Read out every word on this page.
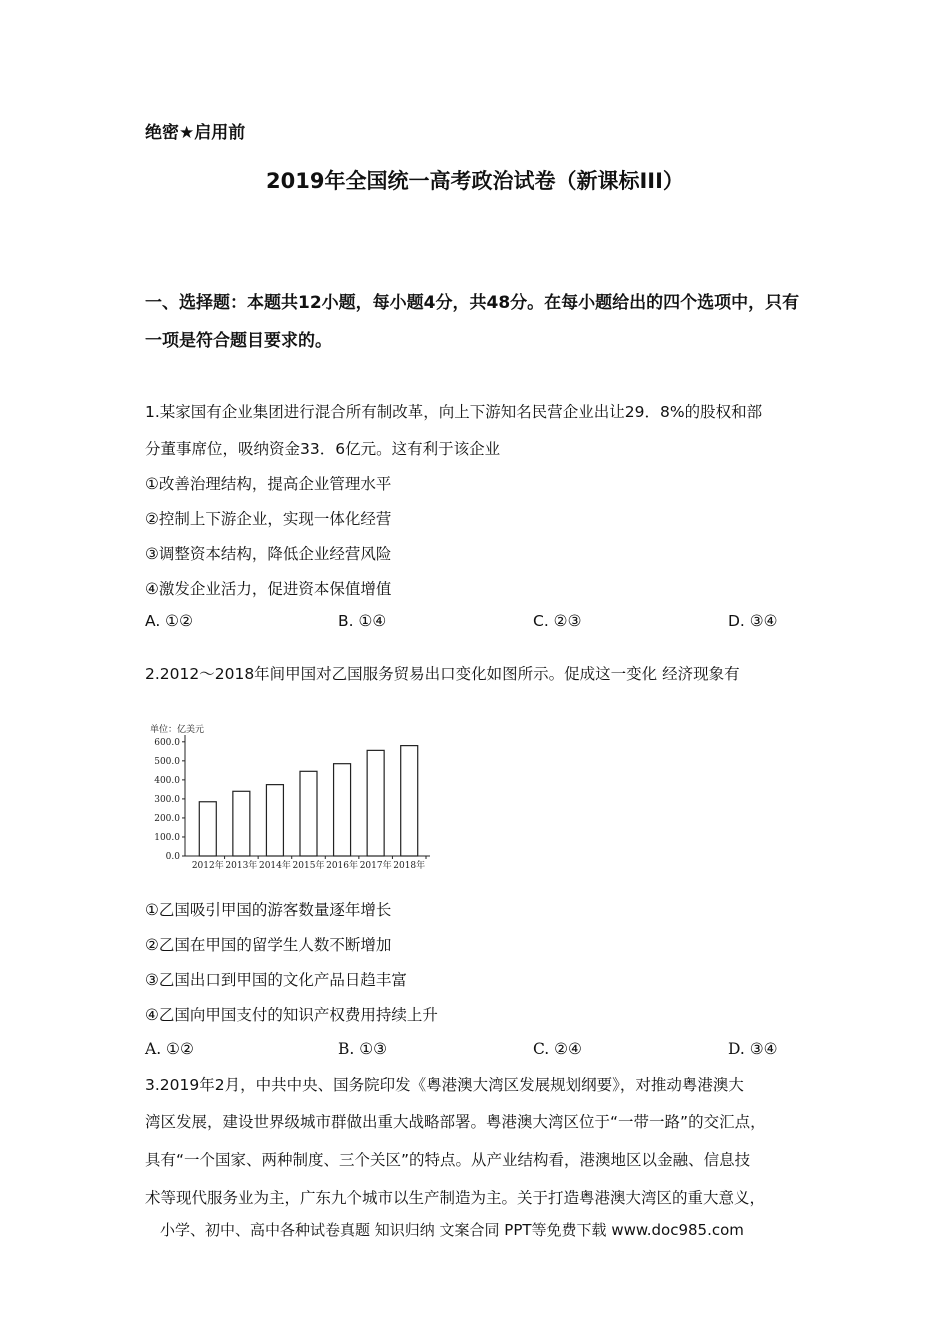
绝密★启用前
2019年全国统一高考政治试卷（新课标III）
一、选择题：本题共12小题，每小题4分，共48分。在每小题给出的四个选项中，只有一项是符合题目要求的。
1.某家国有企业集团进行混合所有制改革，向上下游知名民营企业出让29．8%的股权和部
分董事席位，吸纳资金33．6亿元。这有利于该企业
①改善治理结构，提高企业管理水平
②控制上下游企业，实现一体化经营
③调整资本结构，降低企业经营风险
④激发企业活力，促进资本保值增值
A. ①②	B. ①④	C. ②③	D. ③④
2.2012～2018年间甲国对乙国服务贸易出口变化如图所示。促成这一变化 经济现象有
单位：亿美元
0.0
100.0
200.0
300.0
400.0
500.0
600.0
2012年 2013年 2014年 2015年 2016年 2017年 2018年
①乙国吸引甲国的游客数量逐年增长
②乙国在甲国的留学生人数不断增加
③乙国出口到甲国的文化产品日趋丰富
④乙国向甲国支付的知识产权费用持续上升
A. ①②	B. ①③	C. ②④	D. ③④
3.2019年2月，中共中央、国务院印发《粤港澳大湾区发展规划纲要》，对推动粤港澳大
湾区发展，建设世界级城市群做出重大战略部署。粤港澳大湾区位于“一带一路”的交汇点，
具有“一个国家、两种制度、三个关区”的特点。从产业结构看，港澳地区以金融、信息技
术等现代服务业为主，广东九个城市以生产制造为主。关于打造粤港澳大湾区的重大意义，
小学、初中、高中各种试卷真题 知识归纳 文案合同 PPT等免费下载 www.doc985.com
